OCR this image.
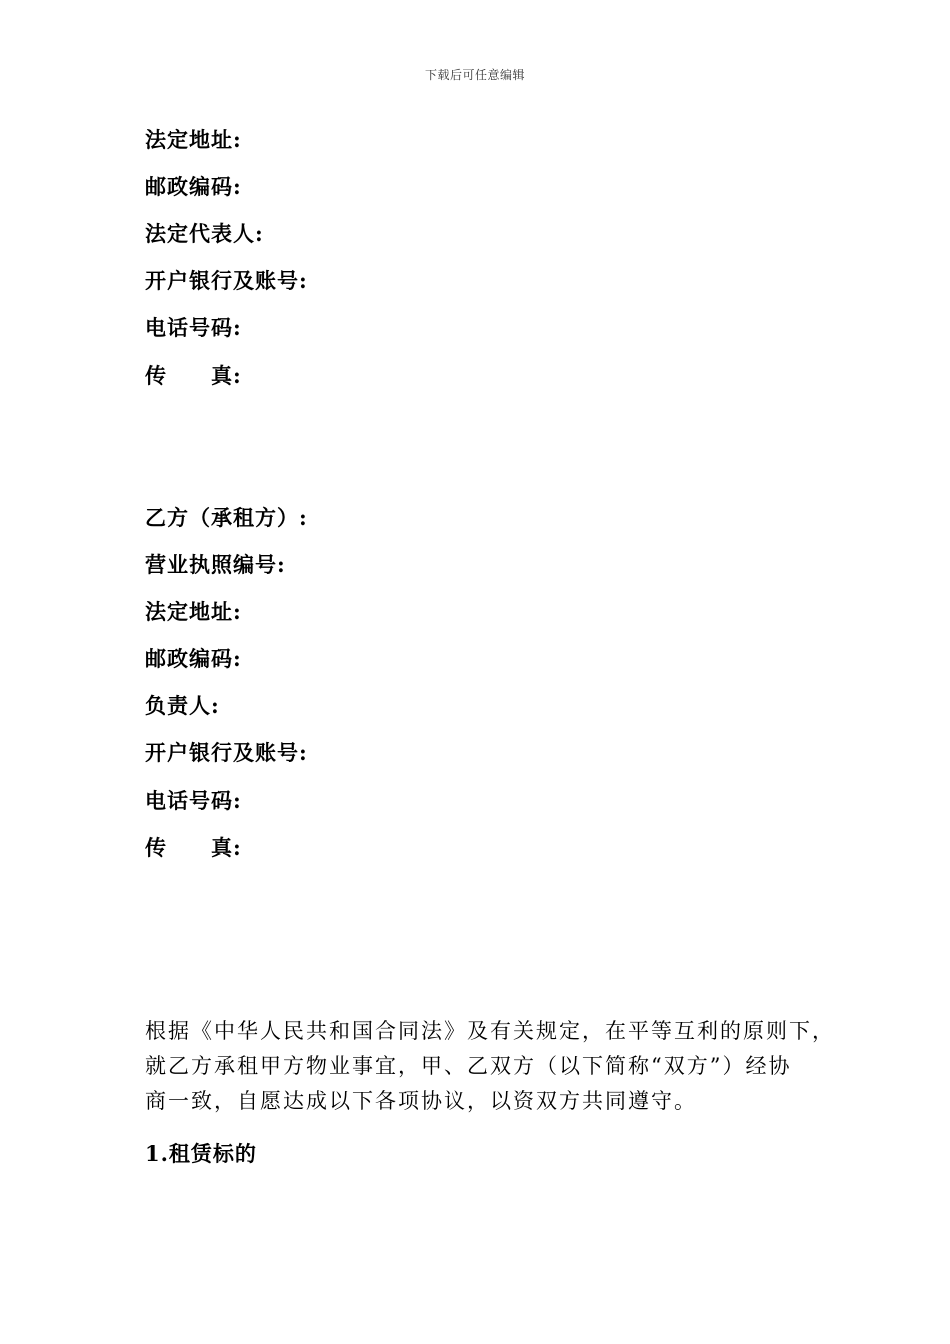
下载后可任意编辑
法定地址:
邮政编码:
法定代表人:
开户银行及账号:
电话号码:
传　　真:
乙方（承租方）:
营业执照编号:
法定地址:
邮政编码:
负责人:
开户银行及账号:
电话号码:
传　　真:
根据《中华人民共和国合同法》及有关规定，在平等互利的原则下，
就乙方承租甲方物业事宜，甲、乙双方（以下简称“双方”）经协
商一致，自愿达成以下各项协议，以资双方共同遵守。
1.租赁标的
